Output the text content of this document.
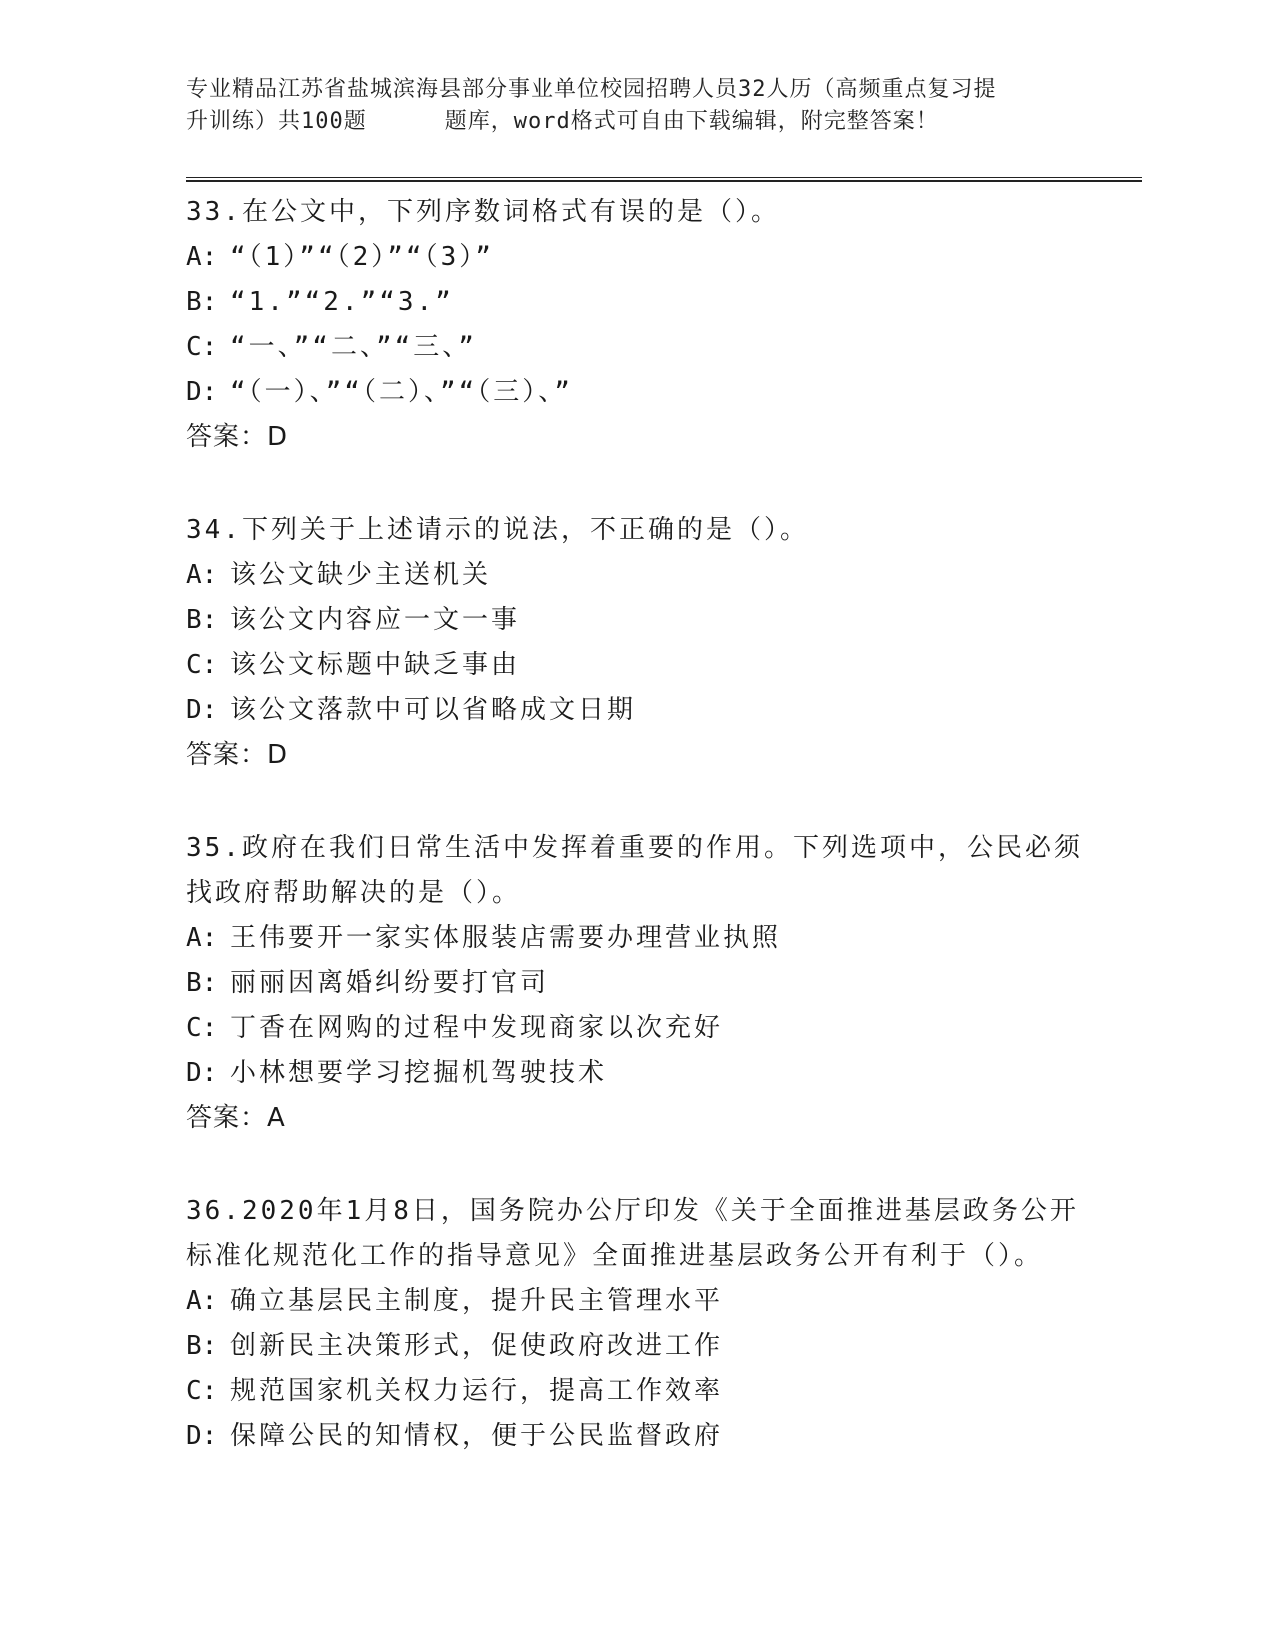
专业精品江苏省盐城滨海县部分事业单位校园招聘人员32人历（高频重点复习提
升训练）共100题	题库，word格式可自由下载编辑，附完整答案！

33.在公文中，下列序数词格式有误的是（）。

A: “（1）”“（2）”“（3）”

B: “1.”“2.”“3.”

C: “一、”“二、”“三、”

D: “（一）、”“（二）、”“（三）、”

答案：D

34.下列关于上述请示的说法，不正确的是（）。

A: 该公文缺少主送机关

B: 该公文内容应一文一事

C: 该公文标题中缺乏事由

D: 该公文落款中可以省略成文日期

答案：D

35.政府在我们日常生活中发挥着重要的作用。下列选项中，公民必须找政府帮助解决的是（）。

A: 王伟要开一家实体服装店需要办理营业执照

B: 丽丽因离婚纠纷要打官司

C: 丁香在网购的过程中发现商家以次充好

D: 小林想要学习挖掘机驾驶技术

答案：A

36.2020年1月8日，国务院办公厅印发《关于全面推进基层政务公开标准化规范化工作的指导意见》全面推进基层政务公开有利于（）。

A: 确立基层民主制度，提升民主管理水平

B: 创新民主决策形式，促使政府改进工作

C: 规范国家机关权力运行，提高工作效率

D: 保障公民的知情权，便于公民监督政府
